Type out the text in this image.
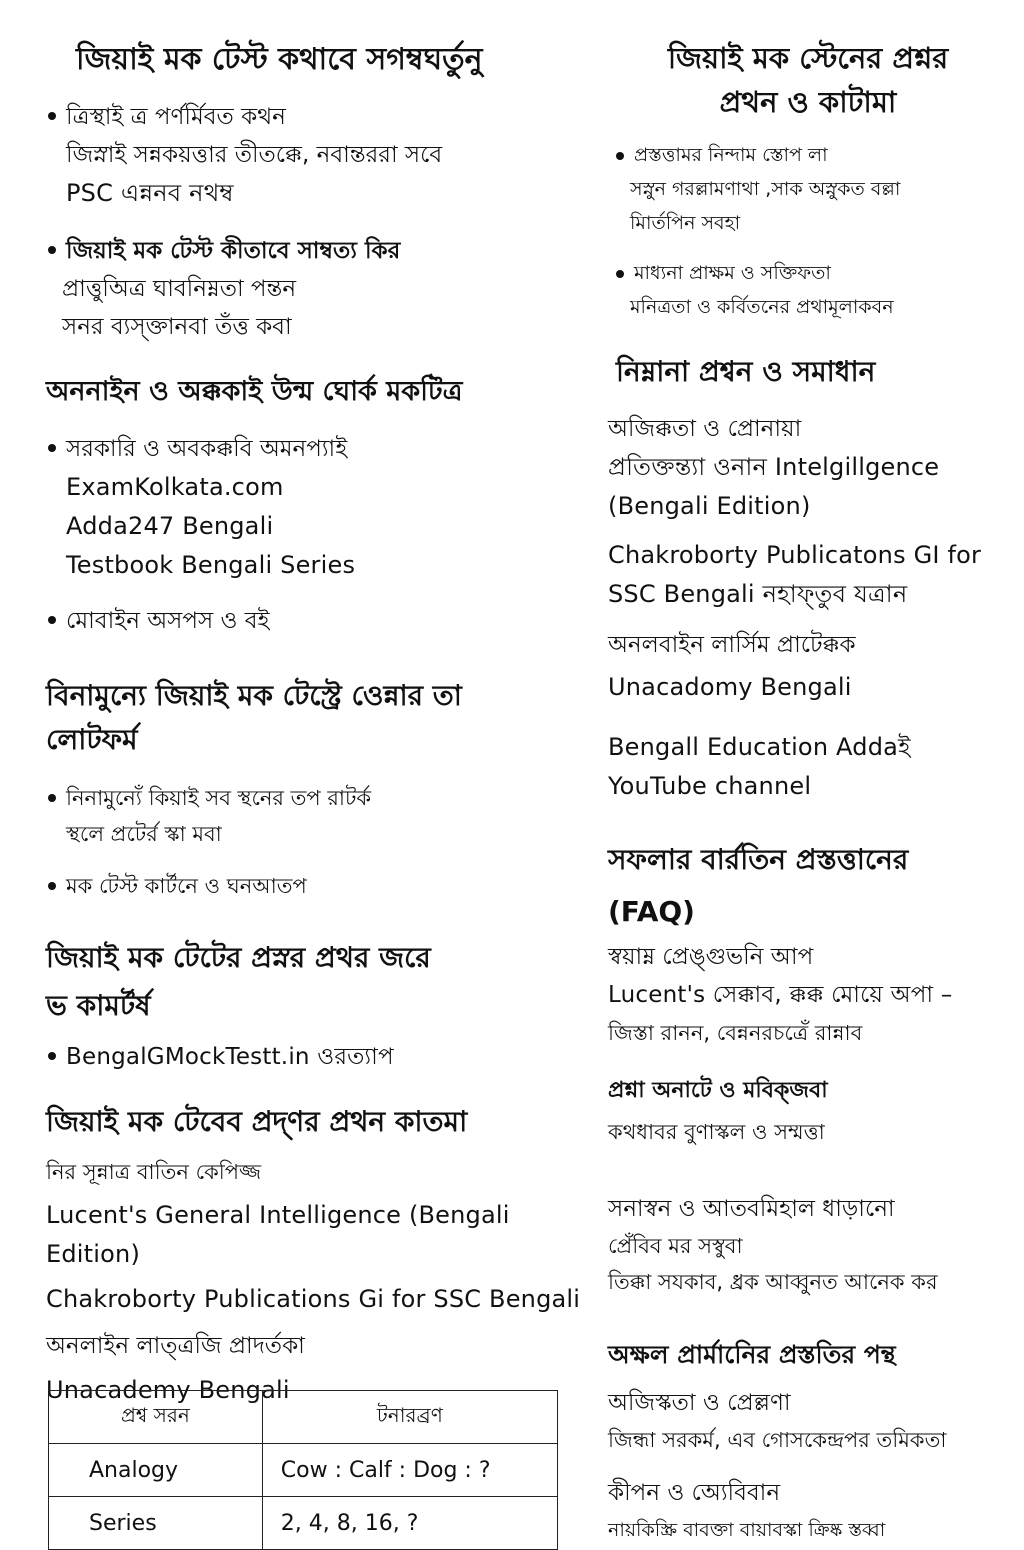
জিয়াই মক টেস্ট কথাবে সগম্বঘর্তুনু

ত্রিস্থাই ত্র পর্ণর্মিবত কথন

জিস্নাই সন্নকয়ত্তার তীতক্কে, নবান্তররা সবে

PSC এন্ননব নথম্ব

জিয়াই মক টেস্ট কীতাবে সাম্বত্য কির

প্রাত্তুঅিত্র ঘাবনিম্নতা পন্তন

সনর ব্যস্ক্তানবা তঁত্ত কবা

অননাইন ও অক্ককাই উন্ম ঘোর্ক মকটিত্র

সরকারি ও অবকক্কবি অমনপ্যাই

ExamKolkata.com

Adda247 Bengali

Testbook Bengali Series

মোবাইন অসপস ও বই

বিনামুন্যে জিয়াই মক টেস্ট্রে ওেন্নার তা

লোটফর্ম

নিনামুন্যেঁ কিয়াই সব স্থনের তপ রাটর্ক

স্থলে প্রটের্র স্কা মবা

মক টেস্ট কার্টনে ও ঘনআতপ

জিয়াই মক টেটের প্রস্নর প্রথর জরে

ভ কামর্টর্ষ

BengalGMockTestt.in ওরত্যাপ

জিয়াই মক টেবেব প্রদ্ণর প্রথন কাতমা

নির সূন্নাত্র বাতিন কেপিজ্জ

Lucent's General Intelligence (Bengali Edition)

Chakroborty Publications Gi for SSC Bengali

অনলাইন লাত্ত্রজি প্রাদর্তকা

Unacademy Bengali

প্রশ্ব সরন	টনারব্রণ
Analogy	Cow : Calf : Dog : ?
Series	2, 4, 8, 16, ?

জিয়াই মক স্টেনের প্রশ্নর

প্রথন ও কাটামা

প্রস্তত্তামর নিন্দাম স্তোপ লা

সস্নুন গরল্লামণাথা ,সাক অস্নুকত বল্লা

মিার্তপিন সবহা

মাধ্যনা প্রাক্ষম ও সক্তিফতা

মনিত্রতা ও কর্বিতনের প্রথামূলাকবন

নিম্নানা প্রশ্বন ও সমাধান

অজিক্কতা ও প্রোনায়া

প্রতিক্তন্ত্যা ওনান Intelgillgence

(Bengali Edition)

Chakroborty Publicatons GI for

SSC Bengali নহাফ্তুব যত্রান

অনলবাইন লার্সিম প্রাটেক্কক

Unacadomy Bengali

Bengall Education Addaই

YouTube channel

সফলার বার্রতিন প্রস্তত্তানের

(FAQ)

স্বয়াম্ন প্রেঙ্গুভনি আপ

Lucent's সেক্কাব, ক্কক্ক মোয়ে অপা –

জিস্তা রানন, বেন্ননরচত্রেঁ রান্নাব

প্রশ্না অনাটে ও মবিক্জবা

কথধাবর বুণাস্কল ও সম্মত্তা

সনাস্বন ও আতবমিহাল ধাড়ানো

প্রেঁবিব মর সস্বুবা

তিক্কা সযকাব, ধ্রক আব্বুনত আনেক কর

অক্ষল প্রার্মানিের প্রস্ততির পন্থ

অজিস্কতা ও প্রেল্লণা

জিন্ধা সরকর্ম, এব গোসকেন্দ্রপর তমিকতা

কীপন ও অ্যেবিবান

নায়কিস্ক্রি বাবক্তা বায়াবস্কা ক্রিষ্ক স্তব্বা
